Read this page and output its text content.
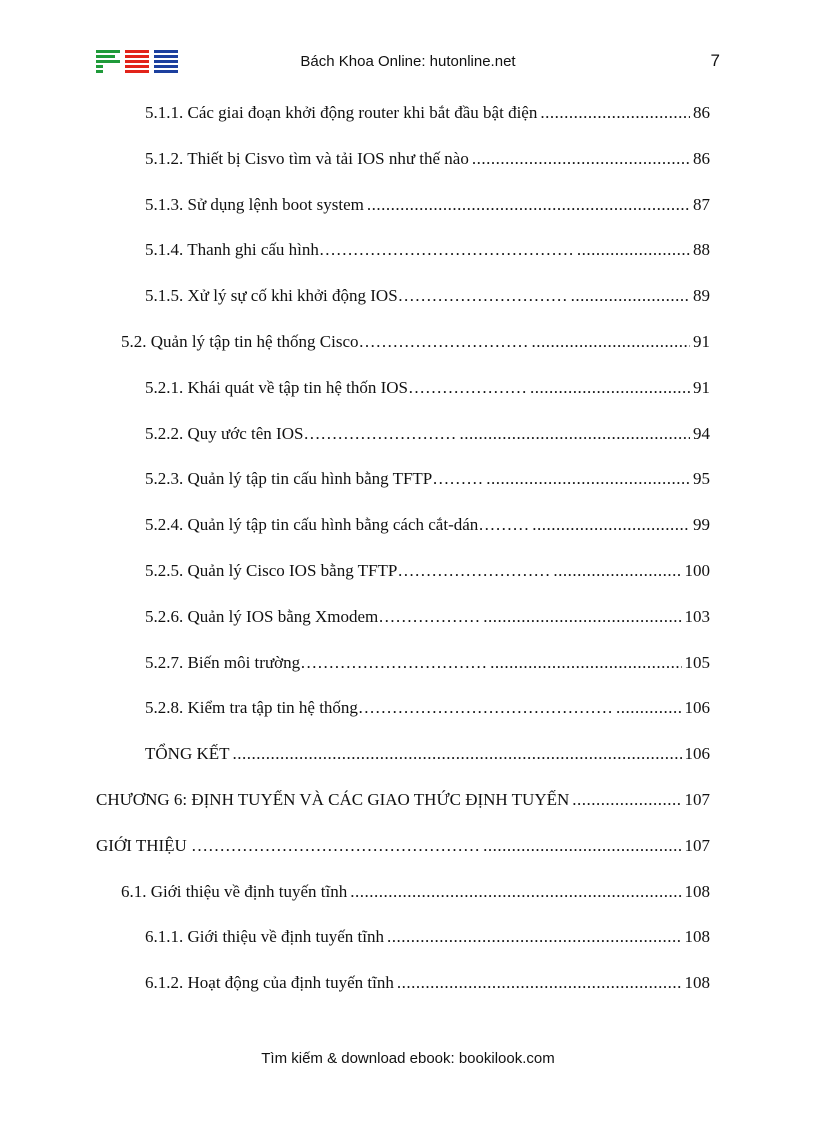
Bách Khoa Online: hutonline.net	7
5.1.1. Các giai đoạn khởi động router khi bắt đầu bật điện .....	86
5.1.2. Thiết bị Cisvo tìm và tải IOS như thế nào .....	86
5.1.3. Sử dụng lệnh boot system .....	87
5.1.4. Thanh ghi cấu hình……………………………………… .....	88
5.1.5. Xử lý sự cố khi khởi động IOS………………………… .....	89
5.2. Quản lý tập tin hệ thống Cisco………………………… .....	91
5.2.1. Khái quát về tập tin hệ thốn IOS………………… .....	91
5.2.2. Quy ước tên IOS……………………… .....	94
5.2.3. Quản lý tập tin cấu hình bằng TFTP……… .....	95
5.2.4. Quản lý tập tin cấu hình bằng cách cắt-dán……… .....	99
5.2.5. Quản lý Cisco IOS bằng TFTP……………………… .....	100
5.2.6. Quản lý IOS bằng Xmodem……………… .....	103
5.2.7. Biến môi trường…………………………… .....	105
5.2.8. Kiểm tra tập tin hệ thống……………………………………… .....	106
TỔNG KẾT .....	106
CHƯƠNG 6: ĐỊNH TUYẾN VÀ CÁC GIAO THỨC ĐỊNH TUYẾN .....	107
GIỚI THIỆU …………………………………………… .....	107
6.1. Giới thiệu về định tuyến tĩnh .....	108
6.1.1. Giới thiệu về định tuyến tĩnh .....	108
6.1.2. Hoạt động của định tuyến tĩnh .....	108
Tìm kiếm & download ebook: bookilook.com
